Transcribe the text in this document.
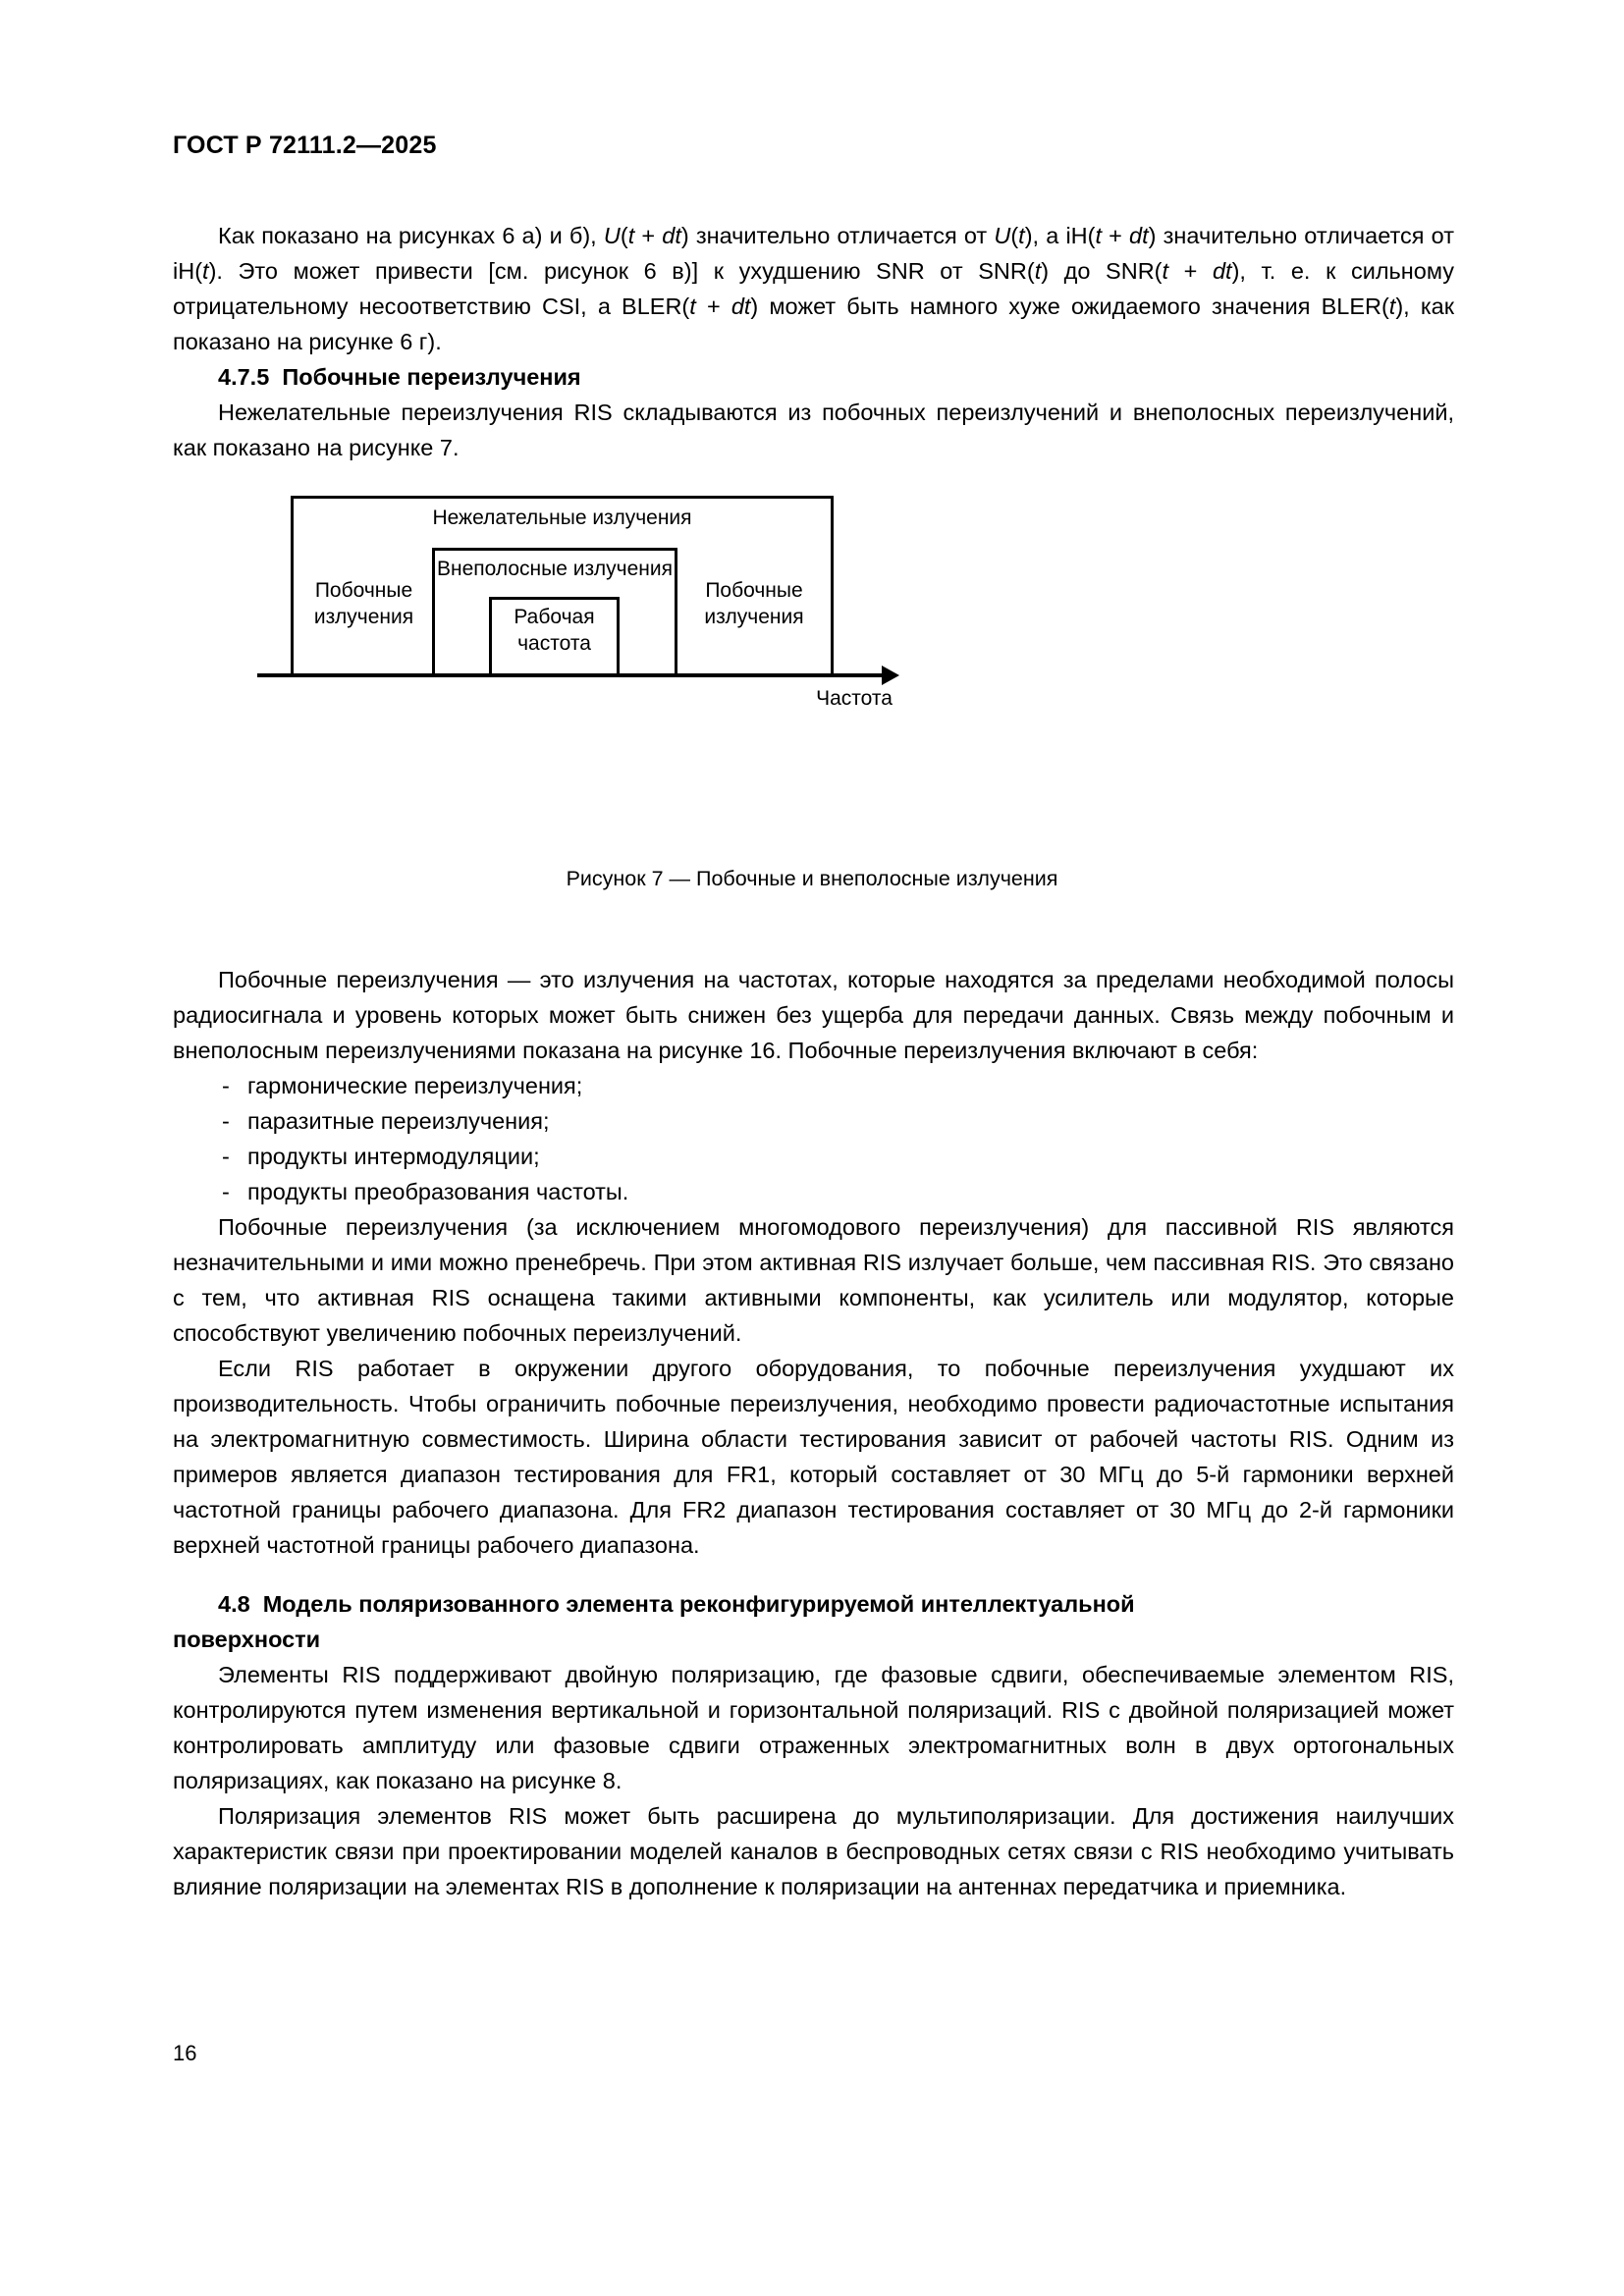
ГОСТ Р 72111.2—2025

Как показано на рисунках 6 а) и б), U(t + dt) значительно отличается от U(t), а iH(t + dt) значительно отличается от iH(t). Это может привести [см. рисунок 6 в)] к ухудшению SNR от SNR(t) до SNR(t + dt), т. е. к сильному отрицательному несоответствию CSI, а BLER(t + dt) может быть намного хуже ожидаемого значения BLER(t), как показано на рисунке 6 г).

4.7.5 Побочные переизлучения

Нежелательные переизлучения RIS складываются из побочных переизлучений и внеполосных переизлучений, как показано на рисунке 7.

Нежелательные излучения
Внеполосные излучения
Рабочая
частота
Побочные
излучения
Побочные
излучения
Частота
Рисунок 7 — Побочные и внеполосные излучения

Побочные переизлучения — это излучения на частотах, которые находятся за пределами необходимой полосы радиосигнала и уровень которых может быть снижен без ущерба для передачи данных. Связь между побочным и внеполосным переизлучениями показана на рисунке 16. Побочные переизлучения включают в себя:

- гармонические переизлучения;
- паразитные переизлучения;
- продукты интермодуляции;
- продукты преобразования частоты.

Побочные переизлучения (за исключением многомодового переизлучения) для пассивной RIS являются незначительными и ими можно пренебречь. При этом активная RIS излучает больше, чем пассивная RIS. Это связано с тем, что активная RIS оснащена такими активными компоненты, как усилитель или модулятор, которые способствуют увеличению побочных переизлучений.

Если RIS работает в окружении другого оборудования, то побочные переизлучения ухудшают их производительность. Чтобы ограничить побочные переизлучения, необходимо провести радиочастотные испытания на электромагнитную совместимость. Ширина области тестирования зависит от рабочей частоты RIS. Одним из примеров является диапазон тестирования для FR1, который составляет от 30 МГц до 5-й гармоники верхней частотной границы рабочего диапазона. Для FR2 диапазон тестирования составляет от 30 МГц до 2-й гармоники верхней частотной границы рабочего диапазона.

4.8 Модель поляризованного элемента реконфигурируемой интеллектуальной
поверхности

Элементы RIS поддерживают двойную поляризацию, где фазовые сдвиги, обеспечиваемые элементом RIS, контролируются путем изменения вертикальной и горизонтальной поляризаций. RIS с двойной поляризацией может контролировать амплитуду или фазовые сдвиги отраженных электромагнитных волн в двух ортогональных поляризациях, как показано на рисунке 8.

Поляризация элементов RIS может быть расширена до мультиполяризации. Для достижения наилучших характеристик связи при проектировании моделей каналов в беспроводных сетях связи с RIS необходимо учитывать влияние поляризации на элементах RIS в дополнение к поляризации на антеннах передатчика и приемника.

16
